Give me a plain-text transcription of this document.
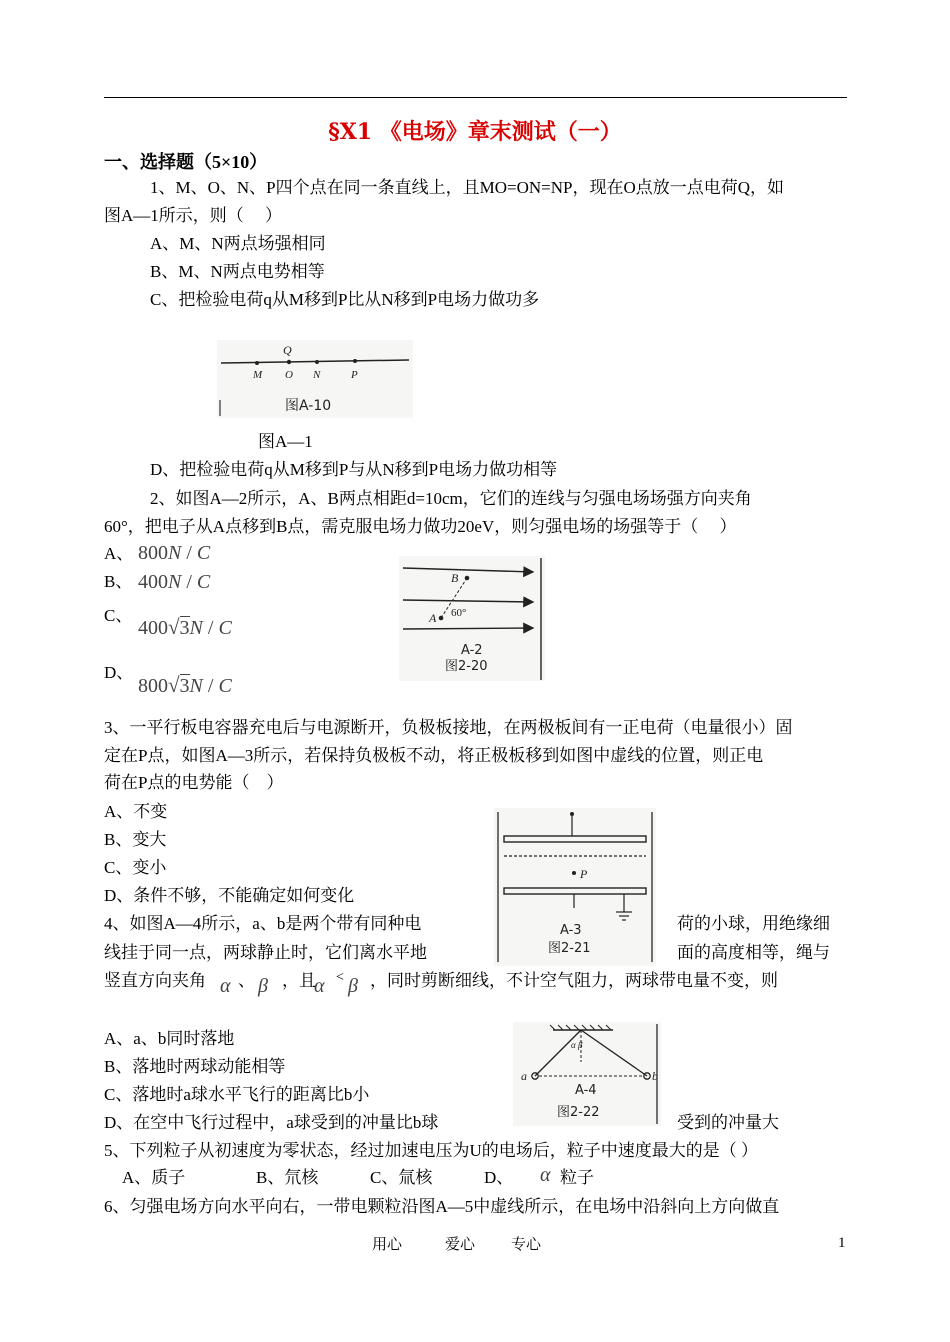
§X1 《电场》章末测试（一）
一、选择题（5×10）
1、M、O、N、P四个点在同一条直线上，且MO=ON=NP，现在O点放一点电荷Q，如
图A—1所示，则（　 ）
A、M、N两点场强相同
B、M、N两点电势相等
C、把检验电荷q从M移到P比从N移到P电场力做功多
Q
M O N	P
图A-10
图A—1
D、把检验电荷q从M移到P与从N移到P电场力做功相等
2、如图A—2所示，A、B两点相距d=10cm，它们的连线与匀强电场场强方向夹角
60°，把电子从A点移到B点，需克服电场力做功20eV，则匀强电场的场强等于（　 ）
A、 800N / C
B、 400N / C
C、
400√3N / C
D、
800√3N / C
B
A 60°
A-2
图2-20
3、一平行板电容器充电后与电源断开，负极板接地，在两极板间有一正电荷（电量很小）固
定在P点，如图A—3所示，若保持负极板不动，将正极板移到如图中虚线的位置，则正电
荷在P点的电势能（　）
A、不变
B、变大
C、变小
D、条件不够，不能确定如何变化
P
A-3
图2-21
4、如图A—4所示，a、b是两个带有同种电	荷的小球，用绝缘细
线挂于同一点，两球静止时，它们离水平地	面的高度相等，绳与
竖直方向夹角 α 、 β ，且
α < β ，同时剪断细线，不计空气阻力，两球带电量不变，则
A、a、b同时落地
B、落地时两球动能相等
C、落地时a球水平飞行的距离比b小
D、在空中飞行过程中，a球受到的冲量比b球	受到的冲量大
α β
a	b
A-4
图2-22
5、下列粒子从初速度为零状态，经过加速电压为U的电场后，粒子中速度最大的是（ ）
A、质子	B、氘核	C、氚核	D、 α 粒子
6、匀强电场方向水平向右，一带电颗粒沿图A—5中虚线所示，在电场中沿斜向上方向做直
用心	爱心 专心	1
